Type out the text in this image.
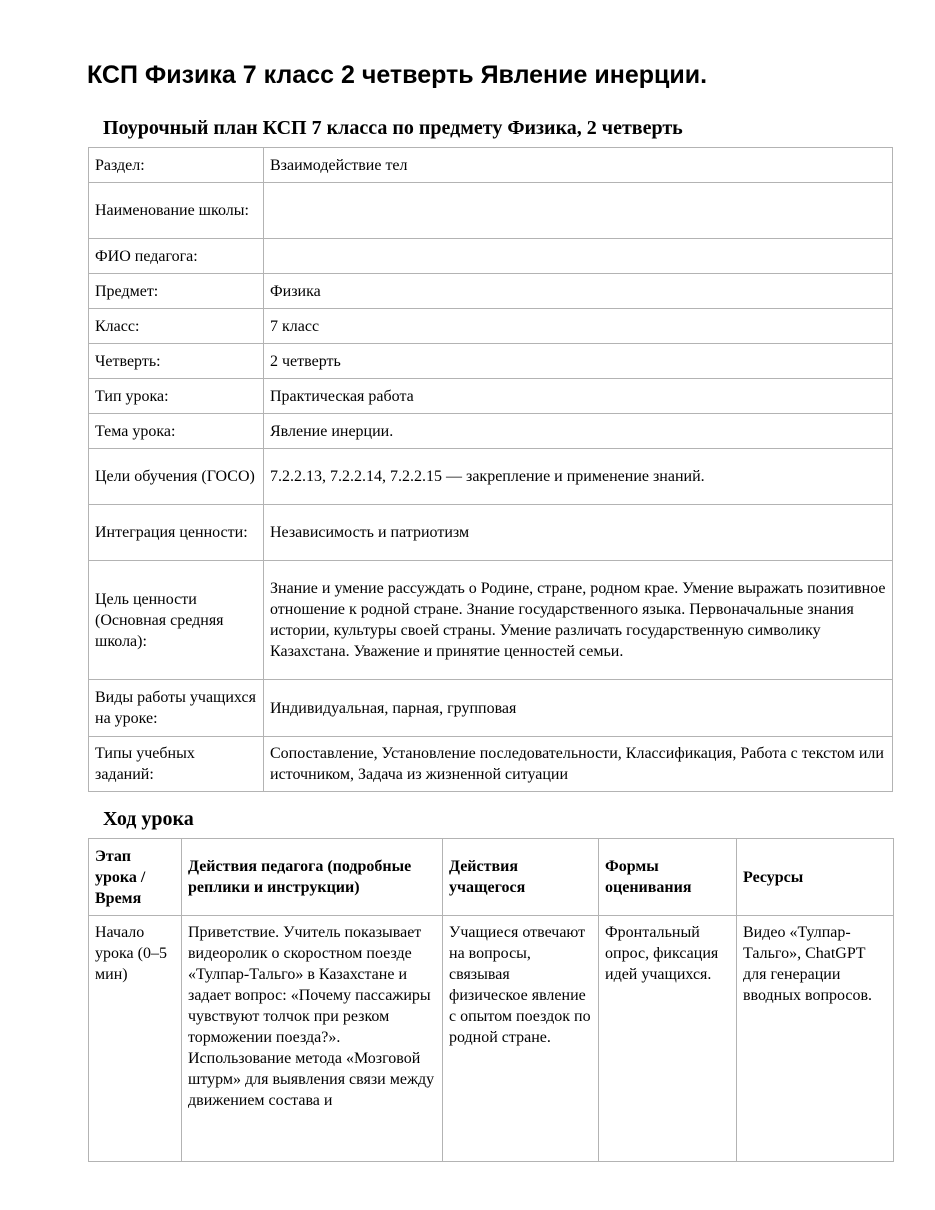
КСП Физика 7 класс 2 четверть Явление инерции.
Поурочный план КСП 7 класса по предмету Физика, 2 четверть
Раздел:	Взаимодействие тел
Наименование школы:	
ФИО педагога:	
Предмет:	Физика
Класс:	7 класс
Четверть:	2 четверть
Тип урока:	Практическая работа
Тема урока:	Явление инерции.
Цели обучения (ГОСО)	7.2.2.13, 7.2.2.14, 7.2.2.15 — закрепление и применение знаний.
Интеграция ценности:	Независимость и патриотизм
Цель ценности (Основная средняя школа):	Знание и умение рассуждать о Родине, стране, родном крае. Умение выражать позитивное отношение к родной стране. Знание государственного языка. Первоначальные знания истории, культуры своей страны. Умение различать государственную символику Казахстана. Уважение и принятие ценностей семьи.
Виды работы учащихся на уроке:	Индивидуальная, парная, групповая
Типы учебных заданий:	Сопоставление, Установление последовательности, Классификация, Работа с текстом или источником, Задача из жизненной ситуации
Ход урока
Этап урока / Время	Действия педагога (подробные реплики и инструкции)	Действия учащегося	Формы оценивания	Ресурсы
Начало урока (0–5 мин)	Приветствие. Учитель показывает видеоролик о скоростном поезде «Тулпар-Тальго» в Казахстане и задает вопрос: «Почему пассажиры чувствуют толчок при резком торможении поезда?». Использование метода «Мозговой штурм» для выявления связи между движением состава и	Учащиеся отвечают на вопросы, связывая физическое явление с опытом поездок по родной стране.	Фронтальный опрос, фиксация идей учащихся.	Видео «Тулпар-Тальго», ChatGPT для генерации вводных вопросов.
